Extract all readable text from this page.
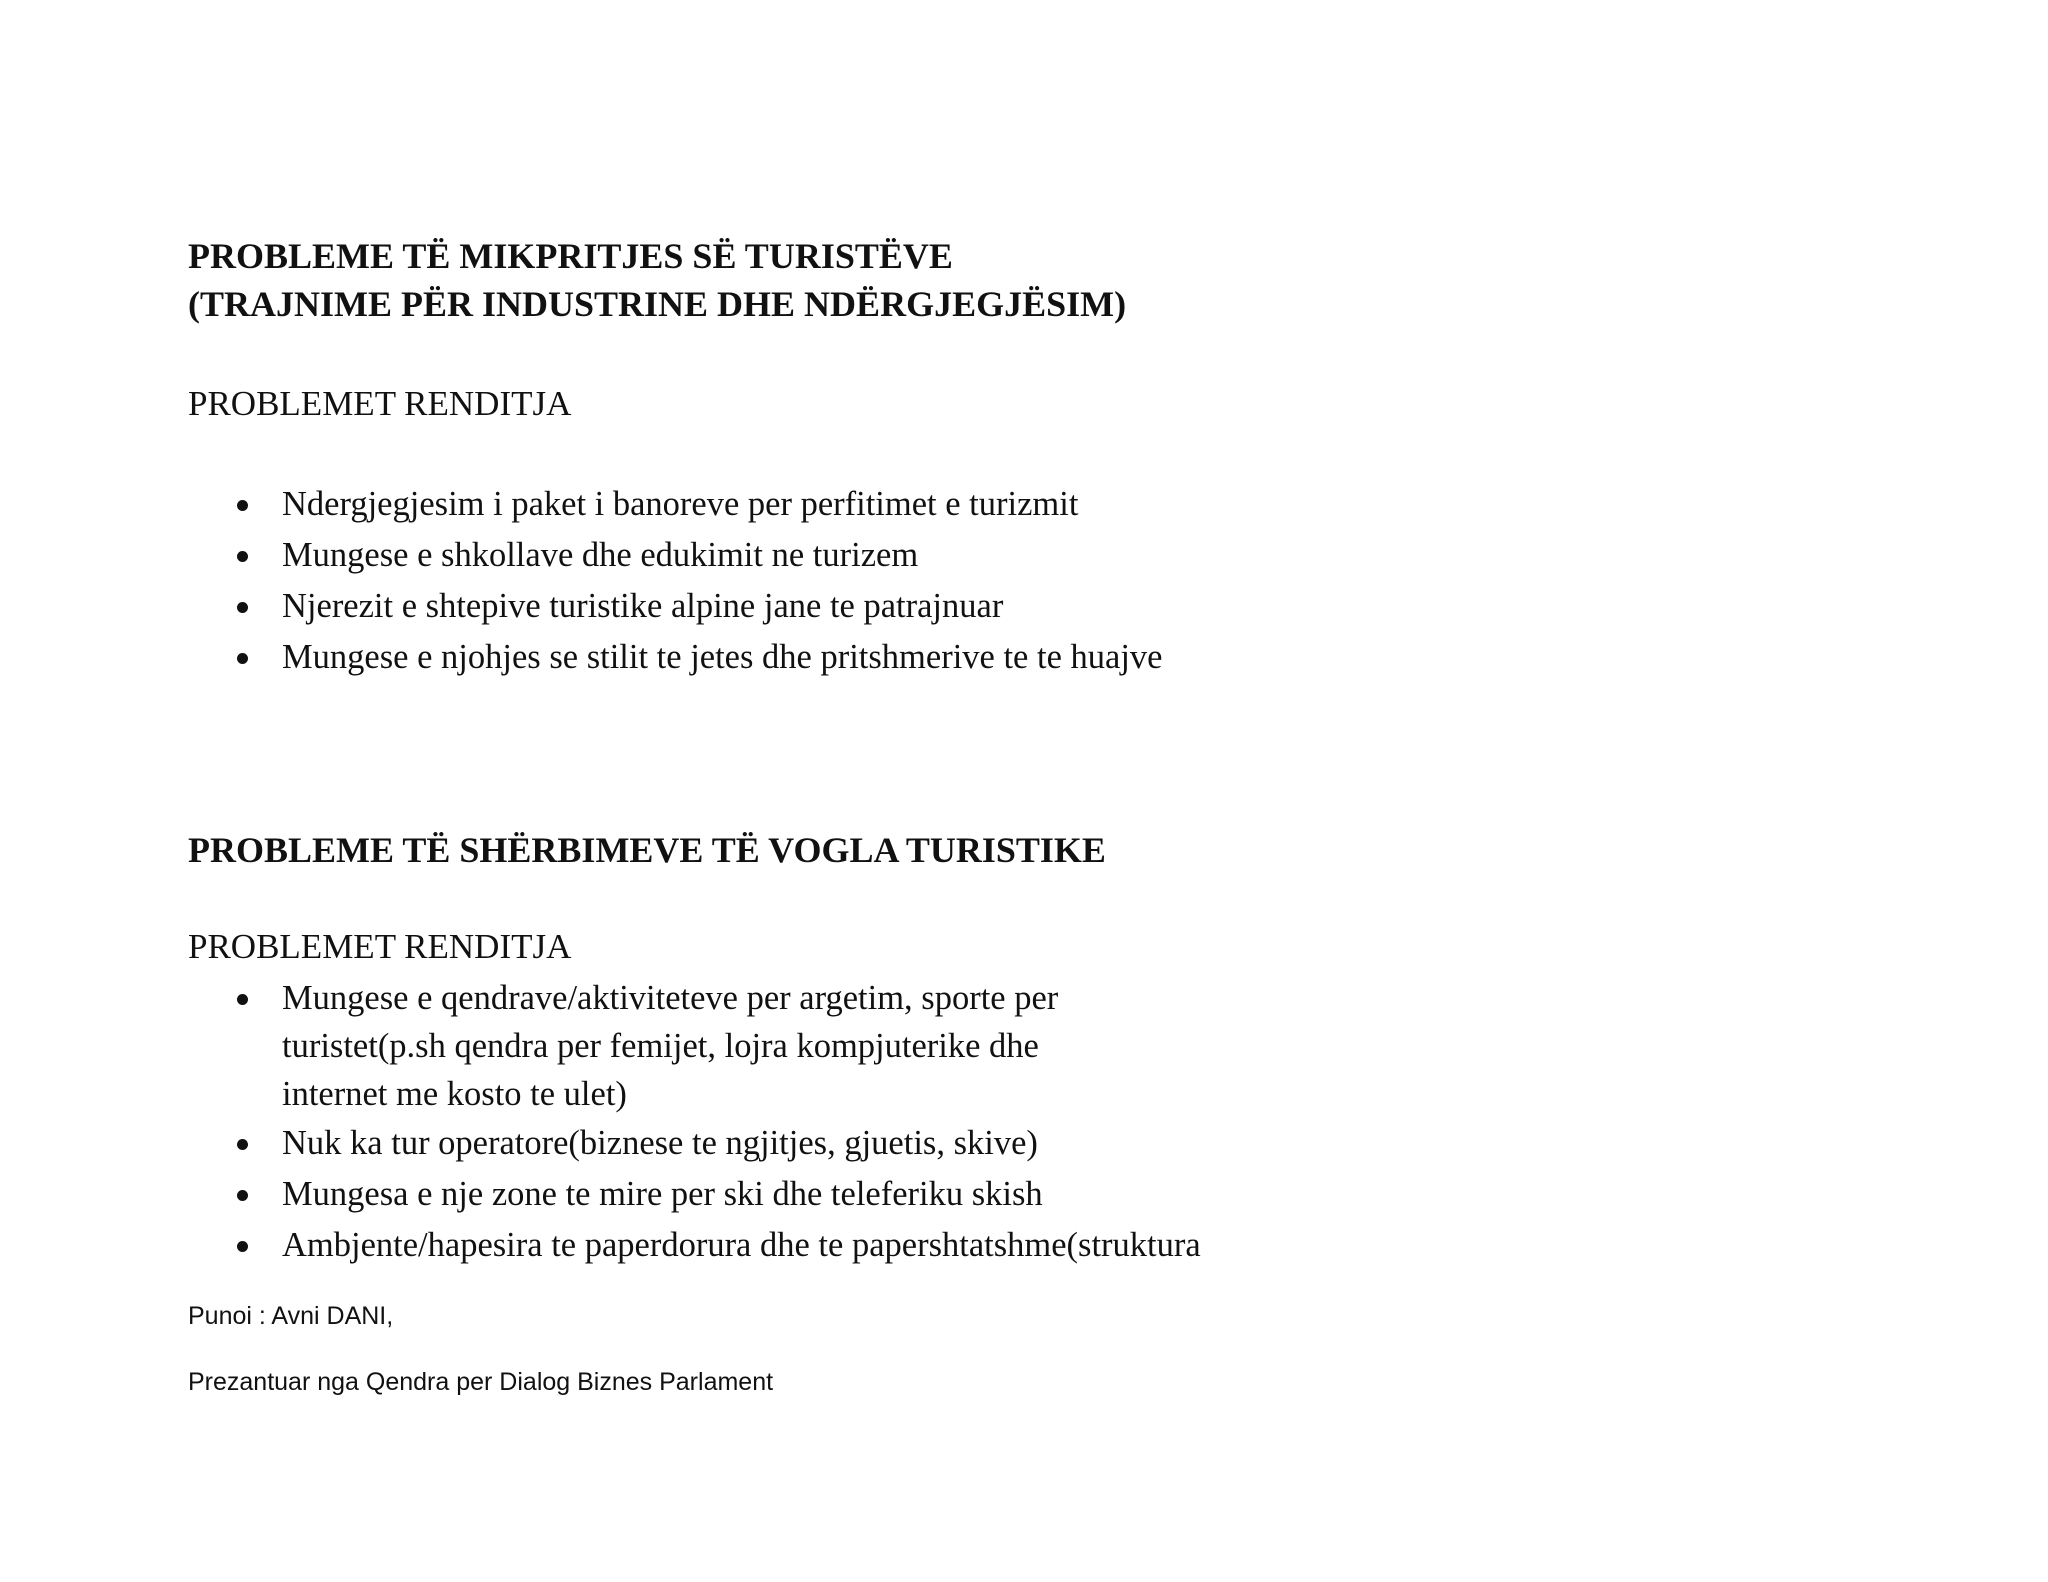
PROBLEME TË MIKPRITJES SË TURISTËVE
(TRAJNIME PËR INDUSTRINE DHE NDËRGJEGJËSIM)
PROBLEMET RENDITJA
Ndergjegjesim i paket i banoreve per perfitimet e turizmit
Mungese e shkollave dhe edukimit ne turizem
Njerezit e shtepive turistike alpine jane te patrajnuar
Mungese e njohjes se stilit te jetes dhe pritshmerive te te huajve
PROBLEME TË SHËRBIMEVE TË VOGLA TURISTIKE
PROBLEMET RENDITJA
Mungese e qendrave/aktiviteteve per argetim, sporte per
turistet(p.sh qendra per femijet, lojra kompjuterike dhe
internet me kosto te ulet)
Nuk ka tur operatore(biznese te ngjitjes, gjuetis, skive)
Mungesa e nje zone te mire per ski dhe teleferiku skish
Ambjente/hapesira te paperdorura dhe te papershtatshme(struktura
Punoi : Avni DANI,
Prezantuar nga Qendra per Dialog Biznes Parlament
